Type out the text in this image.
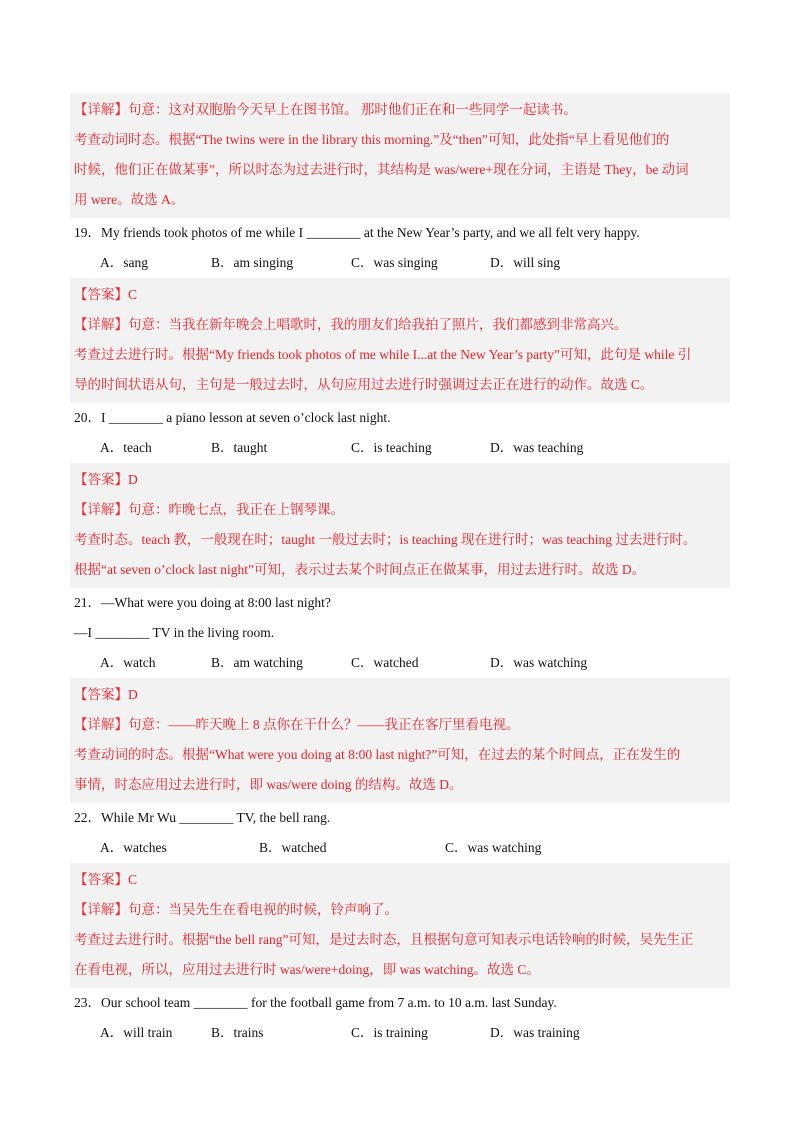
【详解】句意：这对双胞胎今天早上在图书馆。 那时他们正在和一些同学一起读书。
考查动词时态。根据“The twins were in the library this morning.”及“then”可知，此处指“早上看见他们的
时候，他们正在做某事”，所以时态为过去进行时，其结构是 was/were+现在分词，主语是 They，be 动词
用 were。故选 A。
19．My friends took photos of me while I ________ at the New Year’s party, and we all felt very happy.
A．sang	B．am singing	C．was singing	D．will sing
【答案】C
【详解】句意：当我在新年晚会上唱歌时，我的朋友们给我拍了照片，我们都感到非常高兴。
考查过去进行时。根据“My friends took photos of me while I...at the New Year’s party”可知，此句是 while 引
导的时间状语从句，主句是一般过去时，从句应用过去进行时强调过去正在进行的动作。故选 C。
20．I ________ a piano lesson at seven o’clock last night.
A．teach	B．taught	C．is teaching	D．was teaching
【答案】D
【详解】句意：昨晚七点，我正在上钢琴课。
考查时态。teach 教，一般现在时；taught 一般过去时；is teaching 现在进行时；was teaching 过去进行时。
根据“at seven o’clock last night”可知，表示过去某个时间点正在做某事，用过去进行时。故选 D。
21．—What were you doing at 8:00 last night?
—I ________ TV in the living room.
A．watch	B．am watching	C．watched	D．was watching
【答案】D
【详解】句意：——昨天晚上 8 点你在干什么？——我正在客厅里看电视。
考查动词的时态。根据“What were you doing at 8:00 last night?”可知，在过去的某个时间点，正在发生的
事情，时态应用过去进行时，即 was/were doing 的结构。故选 D。
22．While Mr Wu ________ TV, the bell rang.
A．watches	B．watched	C．was watching
【答案】C
【详解】句意：当吴先生在看电视的时候，铃声响了。
考查过去进行时。根据“the bell rang”可知，是过去时态，且根据句意可知表示电话铃响的时候，吴先生正
在看电视，所以，应用过去进行时 was/were+doing，即 was watching。故选 C。
23．Our school team ________ for the football game from 7 a.m. to 10 a.m. last Sunday.
A．will train	B．trains	C．is training	D．was training
